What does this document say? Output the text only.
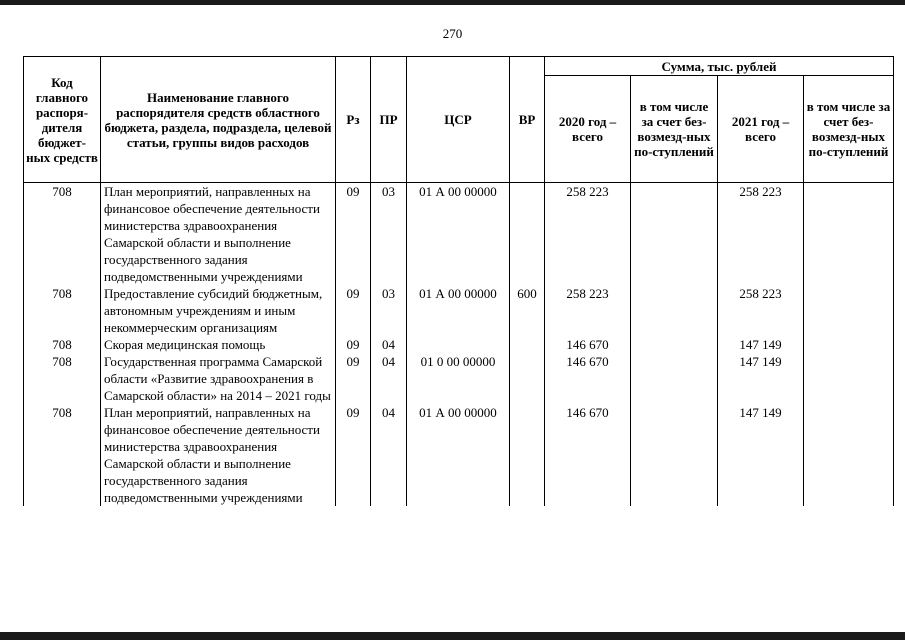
270
Код главного распоря-дителя бюджет-ных средств	Наименование главного распорядителя средств областного бюджета, раздела, подраздела, целевой статьи, группы видов расходов	Рз	ПР	ЦСР	ВР	Сумма, тыс. рублей			
						2020 год – всего	в том числе за счет без-возмезд-ных по-ступлений	2021 год – всего	в том числе за счет без-возмезд-ных по-ступлений
708	План мероприятий, направленных на финансовое обеспечение деятельности министерства здравоохранения Самарской области и выполнение государственного задания подведомственными учреждениями	09	03	01 А 00 00000		258 223		258 223	
708	Предоставление субсидий бюджетным, автономным учреждениям и иным некоммерческим организациям	09	03	01 А 00 00000	600	258 223		258 223	
708	Скорая медицинская помощь	09	04			146 670		147 149	
708	Государственная программа Самарской области «Развитие здравоохранения в Самарской области» на 2014 – 2021 годы	09	04	01 0 00 00000		146 670		147 149	
708	План мероприятий, направленных на финансовое обеспечение деятельности министерства здравоохранения Самарской области и выполнение государственного задания подведомственными учреждениями	09	04	01 А 00 00000		146 670		147 149	
